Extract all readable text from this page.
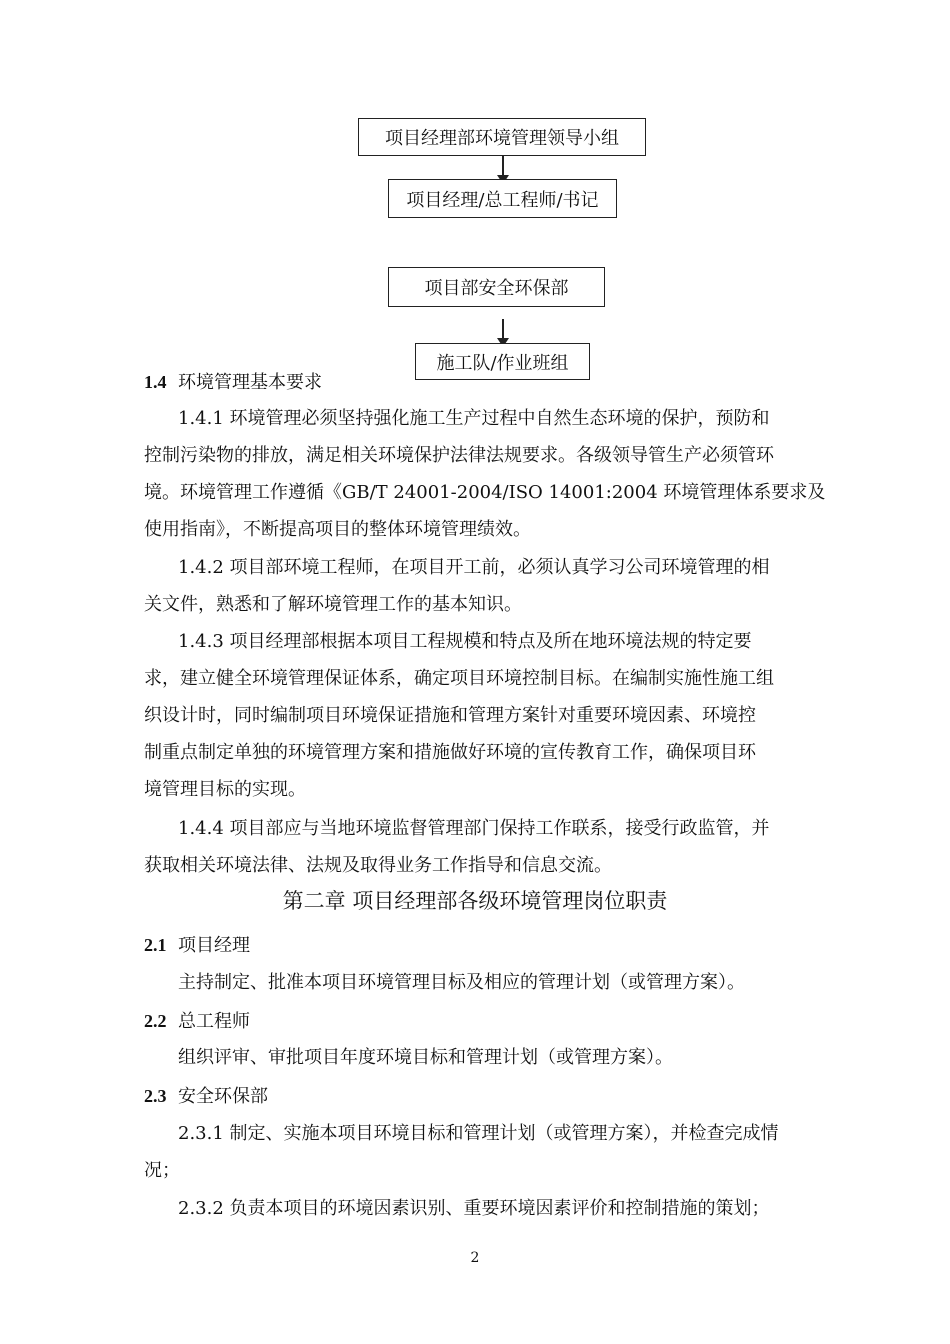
项目经理部环境管理领导小组
项目经理/总工程师/书记
项目部安全环保部
施工队/作业班组
1.4 环境管理基本要求
1.4.1 环境管理必须坚持强化施工生产过程中自然生态环境的保护，预防和
控制污染物的排放，满足相关环境保护法律法规要求。各级领导管生产必须管环
境。环境管理工作遵循《GB/T 24001-2004/ISO 14001:2004 环境管理体系要求及
使用指南》，不断提高项目的整体环境管理绩效。
1.4.2 项目部环境工程师，在项目开工前，必须认真学习公司环境管理的相
关文件，熟悉和了解环境管理工作的基本知识。
1.4.3 项目经理部根据本项目工程规模和特点及所在地环境法规的特定要
求，建立健全环境管理保证体系，确定项目环境控制目标。在编制实施性施工组
织设计时，同时编制项目环境保证措施和管理方案针对重要环境因素、环境控
制重点制定单独的环境管理方案和措施做好环境的宣传教育工作，确保项目环
境管理目标的实现。
1.4.4 项目部应与当地环境监督管理部门保持工作联系，接受行政监管，并
获取相关环境法律、法规及取得业务工作指导和信息交流。
第二章 项目经理部各级环境管理岗位职责
2.1 项目经理
主持制定、批准本项目环境管理目标及相应的管理计划（或管理方案）。
2.2 总工程师
组织评审、审批项目年度环境目标和管理计划（或管理方案）。
2.3 安全环保部
2.3.1 制定、实施本项目环境目标和管理计划（或管理方案），并检查完成情
况；
2.3.2 负责本项目的环境因素识别、重要环境因素评价和控制措施的策划；
2
